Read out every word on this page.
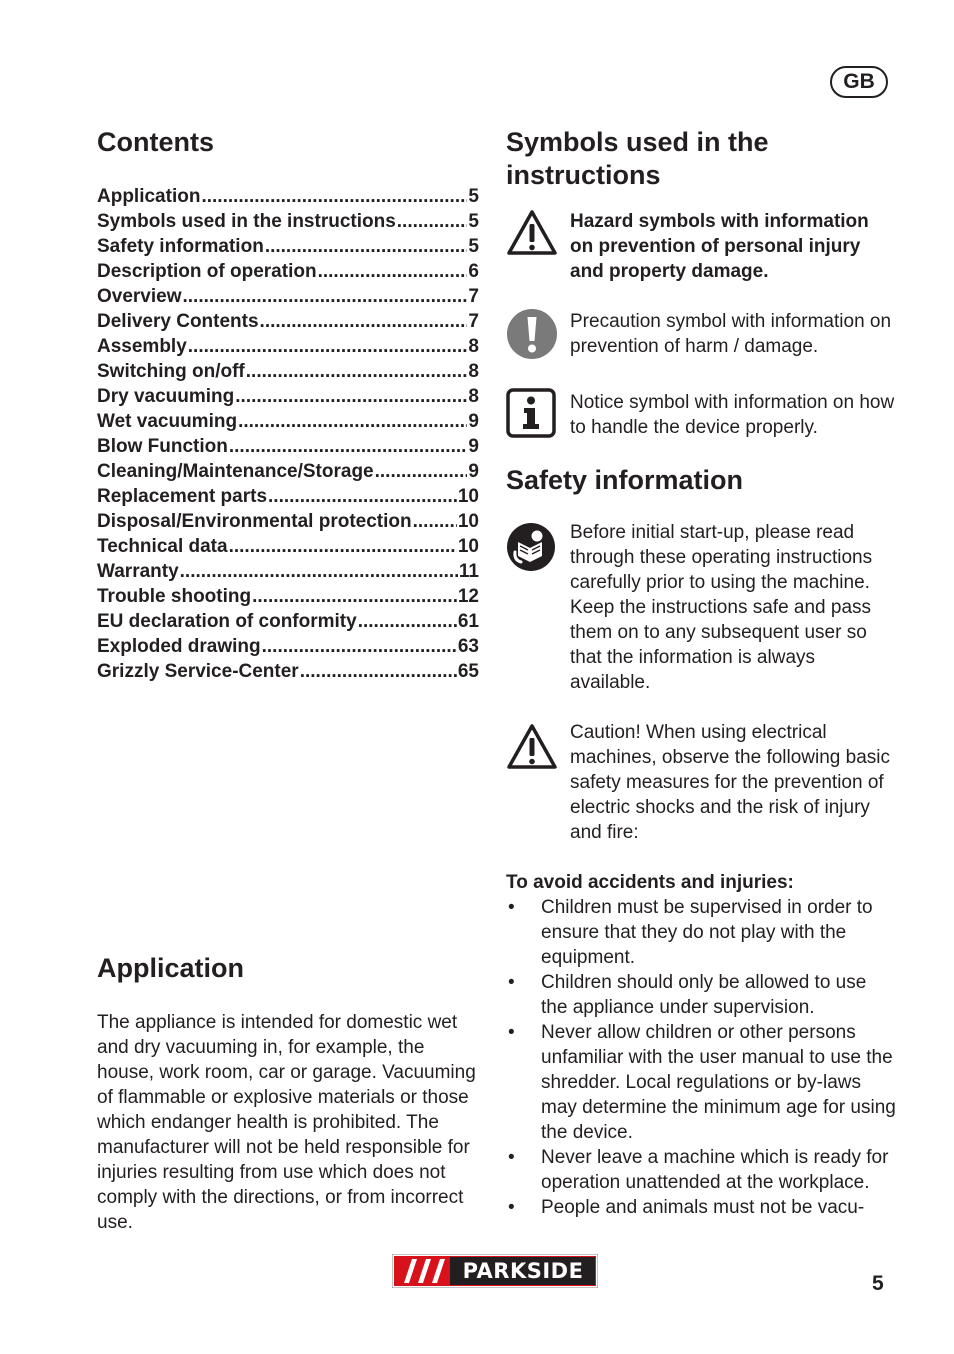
GB
Contents
Application .....	5
Symbols used in the instructions .....	5
Safety information .....	5
Description of operation .....	6
Overview .....	7
Delivery Contents .....	7
Assembly .....	8
Switching on/off .....	8
Dry vacuuming .....	8
Wet vacuuming .....	9
Blow Function .....	9
Cleaning/Maintenance/Storage .....	9
Replacement parts .....	10
Disposal/Environmental protection ..... 10
Technical data .....	10
Warranty .....	11
Trouble shooting .....	12
EU declaration of conformity .....	61
Exploded drawing .....	63
Grizzly Service-Center .....	65
Application

The appliance is intended for domestic wet and dry vacuuming in, for example, the house, work room, car or garage. Vacuuming of flammable or explosive materials or those which endanger health is prohibited. The manufacturer will not be held responsible for injuries resulting from use which does not comply with the directions, or from incorrect use.

Symbols used in the instructions
Hazard symbols with information on prevention of personal injury and property damage.
Precaution symbol with information on prevention of harm / damage.
Notice symbol with information on how to handle the device properly.
Safety information
Before initial start-up, please read through these operating instructions carefully prior to using the machine. Keep the instructions safe and pass them on to any subsequent user so that the information is always available.
Caution! When using electrical machines, observe the following basic safety measures for the prevention of electric shocks and the risk of injury and fire:
To avoid accidents and injuries:
•	Children must be supervised in order to ensure that they do not play with the equipment.
•	Children should only be allowed to use the appliance under supervision.
•	Never allow children or other persons unfamiliar with the user manual to use the shredder. Local regulations or by-laws may determine the minimum age for using the device.
•	Never leave a machine which is ready for operation unattended at the workplace.
•	People and animals must not be vacu-
PARKSIDE
5
